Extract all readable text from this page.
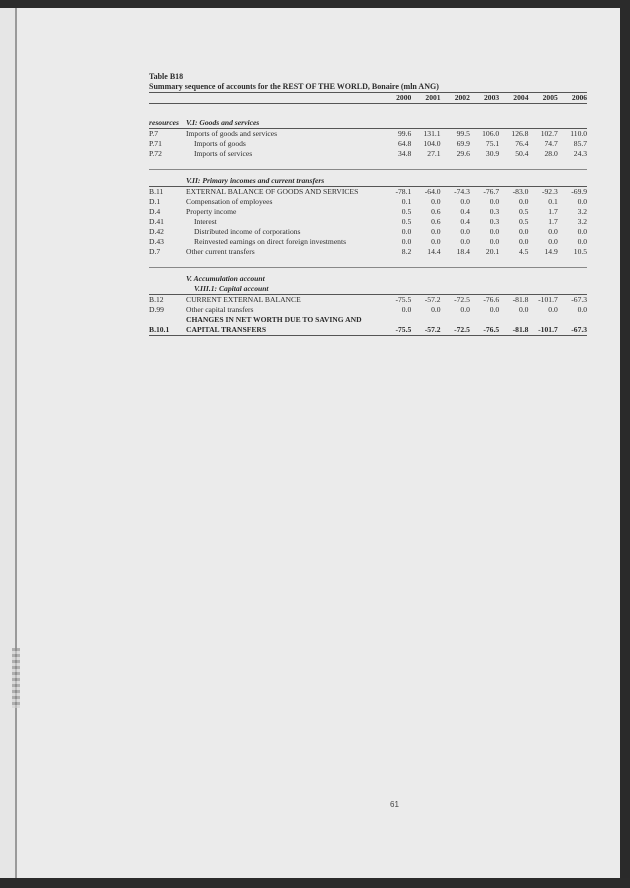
Table B18
Summary sequence of accounts for the REST OF THE WORLD, Bonaire (mln ANG)
		2000	2001	2002	2003	2004	2005	2006

resources	V.I: Goods and services							
P.7	Imports of goods and services	99.6	131.1	99.5	106.0	126.8	102.7	110.0
P.71	Imports of goods	64.8	104.0	69.9	75.1	76.4	74.7	85.7
P.72	Imports of services	34.8	27.1	29.6	30.9	50.4	28.0	24.3

	V.II: Primary incomes and current transfers							
B.11	EXTERNAL BALANCE OF GOODS AND SERVICES	-78.1	-64.0	-74.3	-76.7	-83.0	-92.3	-69.9
D.1	Compensation of employees	0.1	0.0	0.0	0.0	0.0	0.1	0.0
D.4	Property income	0.5	0.6	0.4	0.3	0.5	1.7	3.2
D.41	Interest	0.5	0.6	0.4	0.3	0.5	1.7	3.2
D.42	Distributed income of corporations	0.0	0.0	0.0	0.0	0.0	0.0	0.0
D.43	Reinvested earnings on direct foreign investments	0.0	0.0	0.0	0.0	0.0	0.0	0.0
D.7	Other current transfers	8.2	14.4	18.4	20.1	4.5	14.9	10.5

	V. Accumulation account							
	V.III.1: Capital account							
B.12	CURRENT EXTERNAL BALANCE	-75.5	-57.2	-72.5	-76.6	-81.8	-101.7	-67.3
D.99	Other capital transfers	0.0	0.0	0.0	0.0	0.0	0.0	0.0
	CHANGES IN NET WORTH DUE TO SAVING AND							
B.10.1	CAPITAL TRANSFERS	-75.5	-57.2	-72.5	-76.5	-81.8	-101.7	-67.3
61
